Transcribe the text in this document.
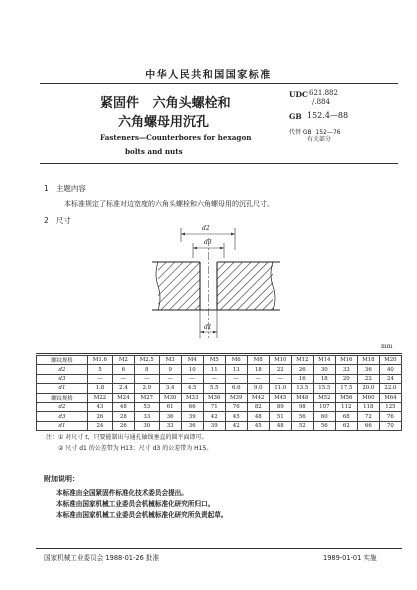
中华人民共和国国家标准
紧固件   六角头螺栓和
六角螺母用沉孔
Fasteners—Counterbores for hexagon
bolts and nuts
UDC 621.882
/.884
GB 152.4—88
代替 GB  152—76
有关部分
1   主题内容
本标准规定了标准对边宽度的六角头螺栓和六角螺母用的沉孔尺寸。
2   尺寸
d2
d3
d1
mm
螺纹规格	M1.6	M2	M2.5	M3	M4	M5	M6	M8	M10	M12	M14	M16	M18	M20
d2	5	6	8	9	10	11	13	18	22	26	30	33	36	40
d3	—	—	—	—	—	—	—	—	—	16	18	20	22	24
d1	1.8	2.4	2.9	3.4	4.5	5.5	6.6	9.0	11.0	13.5	15.5	17.5	20.0	22.0
螺纹规格	M22	M24	M27	M30	M33	M36	M39	M42	M45	M48	M52	M56	M60	M64
d2	43	48	53	61	66	71	76	82	89	98	107	112	118	125
d3	26	28	33	36	39	42	45	48	51	56	60	68	72	76
d1	24	26	30	33	36	39	42	45	48	52	56	62	66	70
注：① 对尺寸 t，只要能制出与通孔轴线垂直的圆平面即可。
② 尺寸 d1 的公差带为 H13；尺寸 d3 的公差带为 H15。
附加说明：
本标准由全国紧固件标准化技术委员会提出。
本标准由国家机械工业委员会机械标准化研究所归口。
本标准由国家机械工业委员会机械标准化研究所负责起草。
国家机械工业委员会 1988-01-26 批准	1989-01-01 实施
